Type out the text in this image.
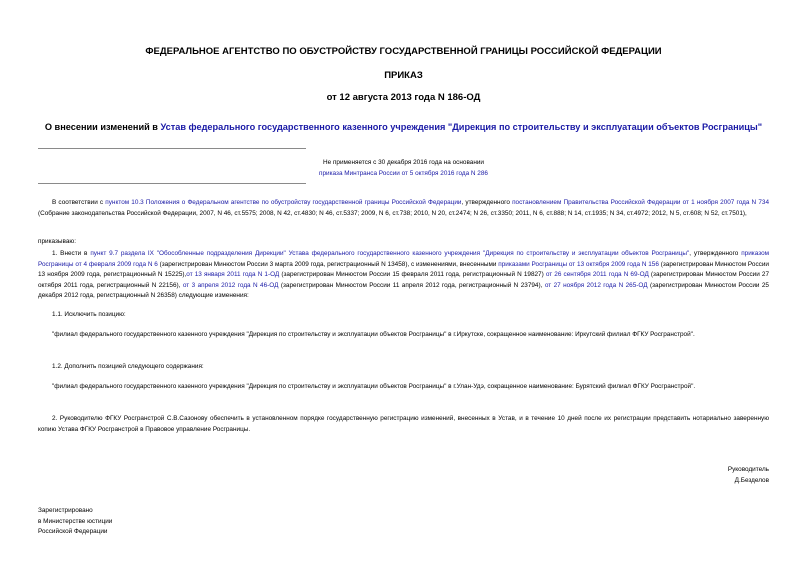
ФЕДЕРАЛЬНОЕ АГЕНТСТВО ПО ОБУСТРОЙСТВУ ГОСУДАРСТВЕННОЙ ГРАНИЦЫ РОССИЙСКОЙ ФЕДЕРАЦИИ
ПРИКАЗ
от 12 августа 2013 года N 186-ОД
О внесении изменений в Устав федерального государственного казенного учреждения "Дирекция по строительству и эксплуатации объектов Росграницы"
Не применяется с 30 декабря 2016 года на основании
приказа Минтранса России от 5 октября 2016 года N 286
В соответствии с пунктом 10.3 Положения о Федеральном агентстве по обустройству государственной границы Российской Федерации, утвержденного постановлением Правительства Российской Федерации от 1 ноября 2007 года N 734 (Собрание законодательства Российской Федерации, 2007, N 46, ст.5575; 2008, N 42, ст.4830; N 46, ст.5337; 2009, N 6, ст.738; 2010, N 20, ст.2474; N 26, ст.3350; 2011, N 6, ст.888; N 14, ст.1935; N 34, ст.4972; 2012, N 5, ст.608; N 52, ст.7501),
приказываю:
1. Внести в пункт 9.7 раздела IX "Обособленные подразделения Дирекции" Устава федерального государственного казенного учреждения "Дирекция по строительству и эксплуатации объектов Росграницы", утвержденного приказом Росграницы от 4 февраля 2009 года N 6 (зарегистрирован Минюстом России 3 марта 2009 года, регистрационный N 13458), с изменениями, внесенными приказами Росграницы от 13 октября 2009 года N 156 (зарегистрирован Минюстом России 13 ноября 2009 года, регистрационный N 15225),от 13 января 2011 года N 1-ОД (зарегистрирован Минюстом России 15 февраля 2011 года, регистрационный N 19827) от 26 сентября 2011 года N 69-ОД (зарегистрирован Минюстом России 27 октября 2011 года, регистрационный N 22156), от 3 апреля 2012 года N 46-ОД (зарегистрирован Минюстом России 11 апреля 2012 года, регистрационный N 23794), от 27 ноября 2012 года N 265-ОД (зарегистрирован Минюстом России 25 декабря 2012 года, регистрационный N 26358) следующие изменения:
1.1. Исключить позицию:
"филиал федерального государственного казенного учреждения "Дирекция по строительству и эксплуатации объектов Росграницы" в г.Иркутске, сокращенное наименование: Иркутский филиал ФГКУ Росгранстрой".
1.2. Дополнить позицией следующего содержания:
"филиал федерального государственного казенного учреждения "Дирекция по строительству и эксплуатации объектов Росграницы" в г.Улан-Удэ, сокращенное наименование: Бурятский филиал ФГКУ Росгранстрой".
2. Руководителю ФГКУ Росгранстрой С.В.Сазонову обеспечить в установленном порядке государственную регистрацию изменений, внесенных в Устав, и в течение 10 дней после их регистрации представить нотариально заверенную копию Устава ФГКУ Росгранстрой в Правовое управление Росграницы.
Руководитель
Д.Безделов
Зарегистрировано
в Министерстве юстиции
Российской Федерации
